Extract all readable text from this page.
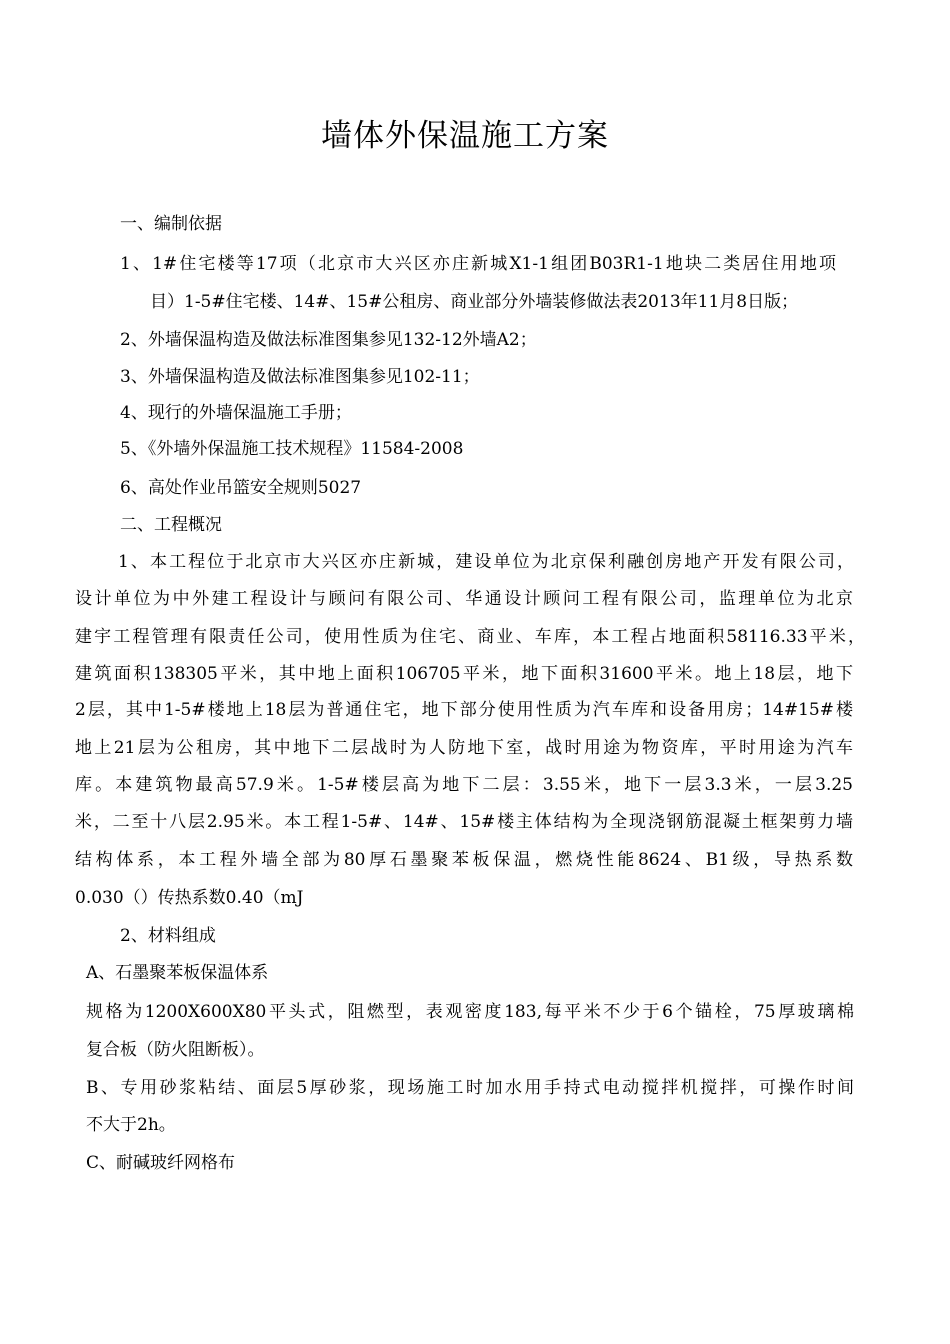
墙体外保温施工方案
一、编制依据
1、1#住宅楼等17项（北京市大兴区亦庄新城X1-1组团B03R1-1地块二类居住用地项
目）1-5#住宅楼、14#、15#公租房、商业部分外墙装修做法表2013年11月8日版；
2、外墙保温构造及做法标准图集参见132-12外墙A2；
3、外墙保温构造及做法标准图集参见102-11；
4、现行的外墙保温施工手册；
5、《外墙外保温施工技术规程》11584-2008
6、高处作业吊篮安全规则5027
二、工程概况
1、本工程位于北京市大兴区亦庄新城，建设单位为北京保利融创房地产开发有限公司，
设计单位为中外建工程设计与顾问有限公司、华通设计顾问工程有限公司，监理单位为北京
建宇工程管理有限责任公司，使用性质为住宅、商业、车库，本工程占地面积58116.33平米，
建筑面积138305平米，其中地上面积106705平米，地下面积31600平米。地上18层，地下
2层，其中1-5#楼地上18层为普通住宅，地下部分使用性质为汽车库和设备用房；14#15#楼
地上21层为公租房，其中地下二层战时为人防地下室，战时用途为物资库，平时用途为汽车
库。本建筑物最高57.9米。1-5#楼层高为地下二层：3.55米，地下一层3.3米，一层3.25
米，二至十八层2.95米。本工程1-5#、14#、15#楼主体结构为全现浇钢筋混凝土框架剪力墙
结构体系，本工程外墙全部为80厚石墨聚苯板保温，燃烧性能8624、B1级，导热系数
0.030（）传热系数0.40（mJ
2、材料组成
A、石墨聚苯板保温体系
规格为1200X600X80平头式，阻燃型，表观密度183,每平米不少于6个锚栓，75厚玻璃棉
复合板（防火阻断板）。
B、专用砂浆粘结、面层5厚砂浆，现场施工时加水用手持式电动搅拌机搅拌，可操作时间
不大于2h。
C、耐碱玻纤网格布
